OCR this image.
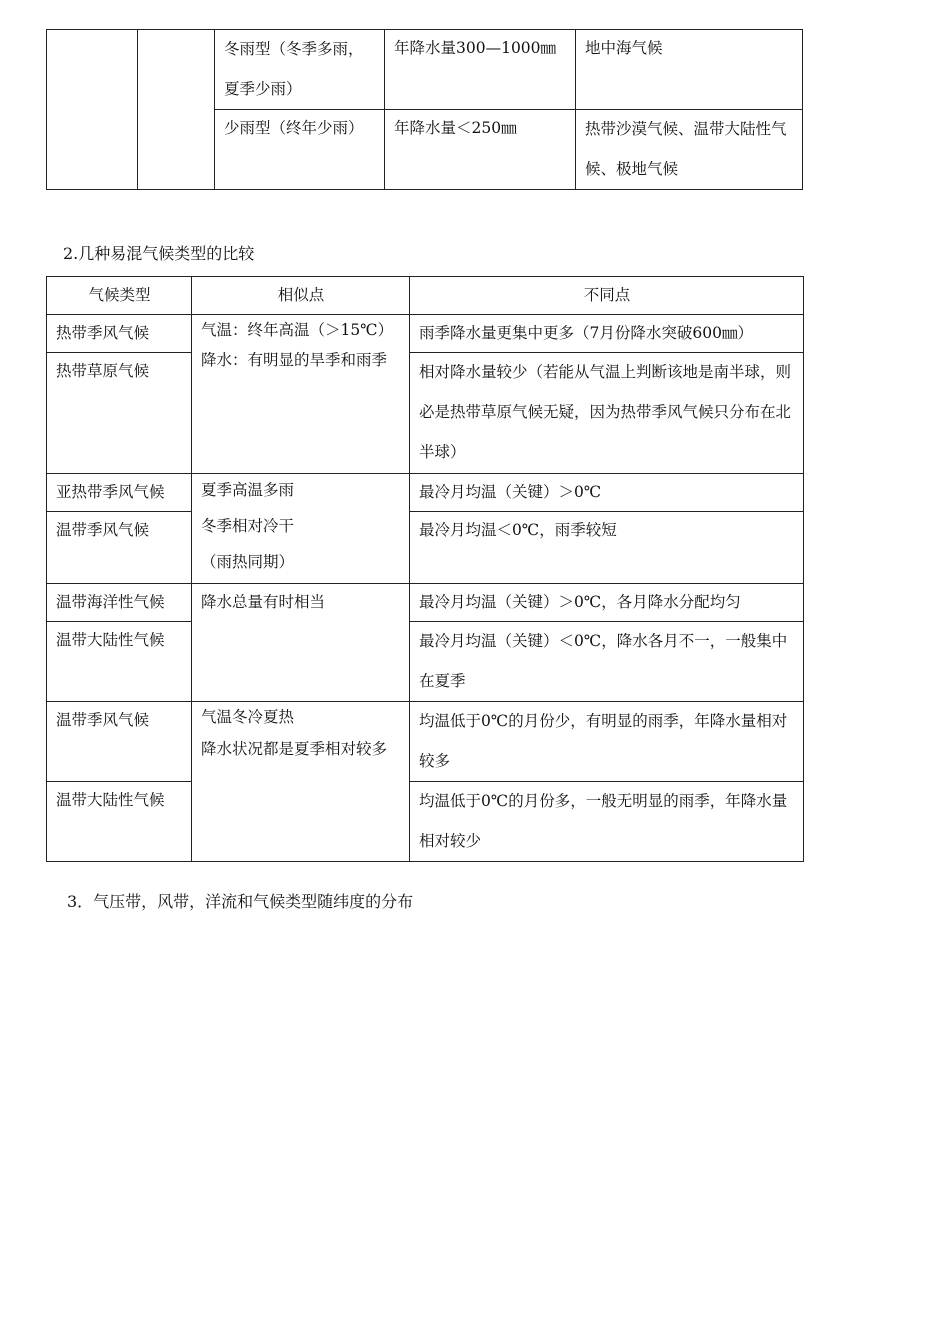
		冬雨型（冬季多雨，夏季少雨）	年降水量300—1000㎜	地中海气候

		少雨型（终年少雨）	年降水量＜250㎜	热带沙漠气候、温带大陆性气候、极地气候
2.几种易混气候类型的比较
气候类型	相似点	不同点

热带季风气候	气温：终年高温（＞15℃）
降水：有明显的旱季和雨季	雨季降水量更集中更多（7月份降水突破600㎜）

热带草原气候		相对降水量较少（若能从气温上判断该地是南半球，则必是热带草原气候无疑，因为热带季风气候只分布在北半球）

亚热带季风气候	夏季高温多雨
冬季相对冷干
（雨热同期）	最冷月均温（关键）＞0℃

温带季风气候		最冷月均温＜0℃，雨季较短

温带海洋性气候	降水总量有时相当	最冷月均温（关键）＞0℃，各月降水分配均匀

温带大陆性气候		最冷月均温（关键）＜0℃，降水各月不一，一般集中在夏季

温带季风气候	气温冬冷夏热
降水状况都是夏季相对较多	均温低于0℃的月份少，有明显的雨季，年降水量相对较多

温带大陆性气候		均温低于0℃的月份多，一般无明显的雨季，年降水量相对较少
3．气压带，风带，洋流和气候类型随纬度的分布
